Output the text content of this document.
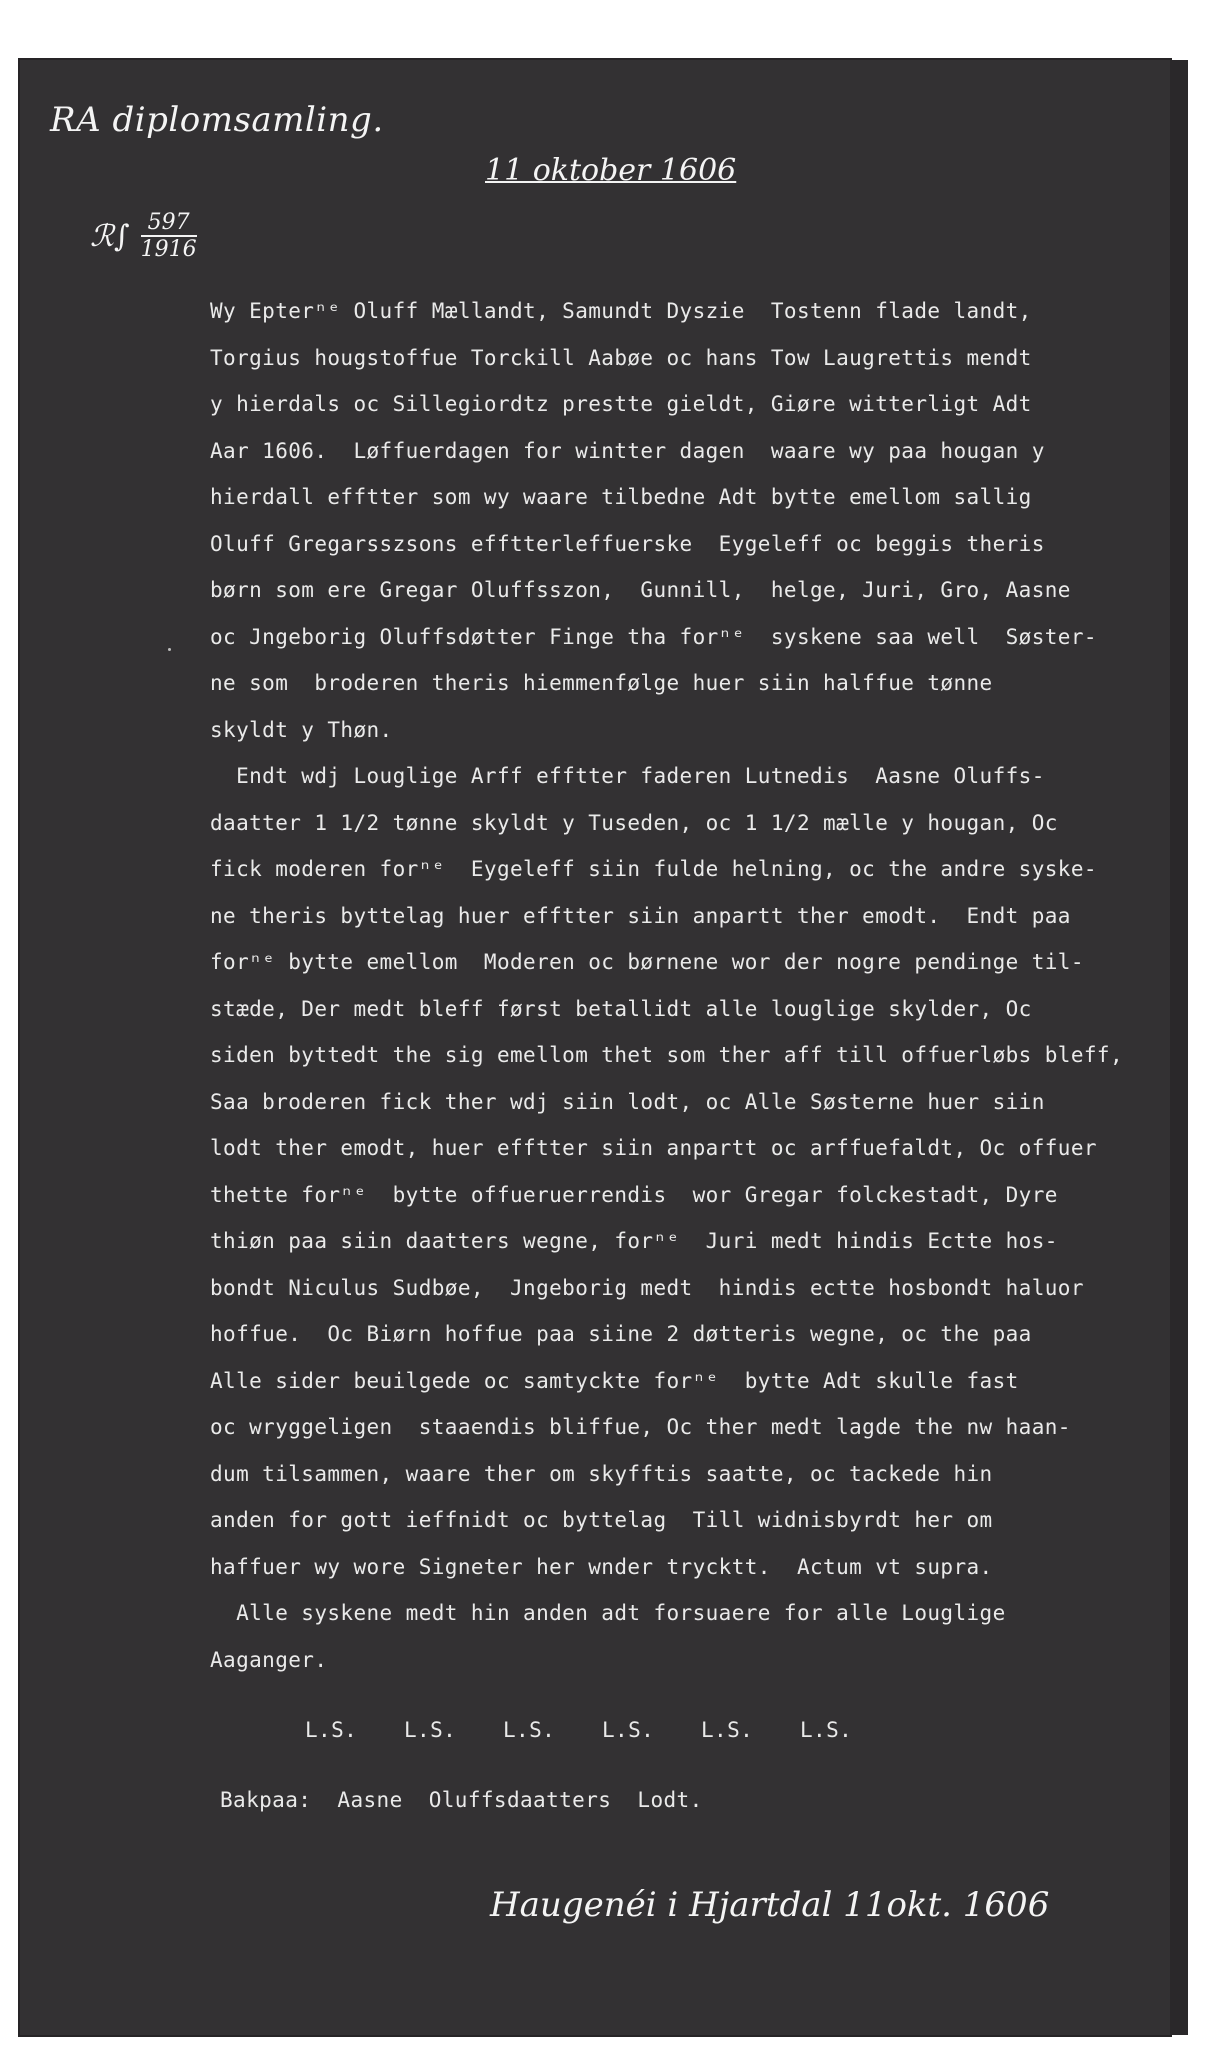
RA diplomsamling.
11 oktober 1606
ℛ∫ $\frac{597}{1916}$
Wy Epterⁿᵉ Oluff Mællandt, Samundt Dyszie  Tostenn flade landt,
Torgius hougstoffue Torckill Aabøe oc hans Tow Laugrettis mendt
y hierdals oc Sillegiordtz prestte gieldt, Giøre witterligt Adt
Aar 1606.  Løffuerdagen for wintter dagen  waare wy paa hougan y
hierdall efftter som wy waare tilbedne Adt bytte emellom sallig
Oluff Gregarsszsons efftterleffuerske  Eygeleff oc beggis theris
børn som ere Gregar Oluffsszon,  Gunnill,  helge, Juri, Gro, Aasne
oc Jngeborig Oluffsdøtter Finge tha forⁿᵉ  syskene saa well  Søster-
ne som  broderen theris hiemmenfølge huer siin halffue tønne
skyldt y Thøn.
Endt wdj Louglige Arff efftter faderen Lutnedis  Aasne Oluffs-
daatter 1 1/2 tønne skyldt y Tuseden, oc 1 1/2 mælle y hougan, Oc
fick moderen forⁿᵉ  Eygeleff siin fulde helning, oc the andre syske-
ne theris byttelag huer efftter siin anpartt ther emodt.  Endt paa
forⁿᵉ bytte emellom  Moderen oc børnene wor der nogre pendinge til-
stæde, Der medt bleff først betallidt alle louglige skylder, Oc
siden byttedt the sig emellom thet som ther aff till offuerløbs bleff,
Saa broderen fick ther wdj siin lodt, oc Alle Søsterne huer siin
lodt ther emodt, huer efftter siin anpartt oc arffuefaldt, Oc offuer
thette forⁿᵉ  bytte offueruerrendis  wor Gregar folckestadt, Dyre
thiøn paa siin daatters wegne, forⁿᵉ  Juri medt hindis Ectte hos-
bondt Niculus Sudbøe,  Jngeborig medt  hindis ectte hosbondt haluor
hoffue.  Oc Biørn hoffue paa siine 2 døtteris wegne, oc the paa
Alle sider beuilgede oc samtyckte forⁿᵉ  bytte Adt skulle fast
oc wryggeligen  staaendis bliffue, Oc ther medt lagde the nw haan-
dum tilsammen, waare ther om skyfftis saatte, oc tackede hin
anden for gott ieffnidt oc byttelag  Till widnisbyrdt her om
haffuer wy wore Signeter her wnder trycktt.  Actum vt supra.
Alle syskene medt hin anden adt forsuaere for alle Louglige
Aaganger.
L.S. L.S. L.S. L.S. L.S. L.S.
Bakpaa: Aasne  Oluffsdaatters  Lodt.
Haugenéi i Hjartdal 11okt. 1606
